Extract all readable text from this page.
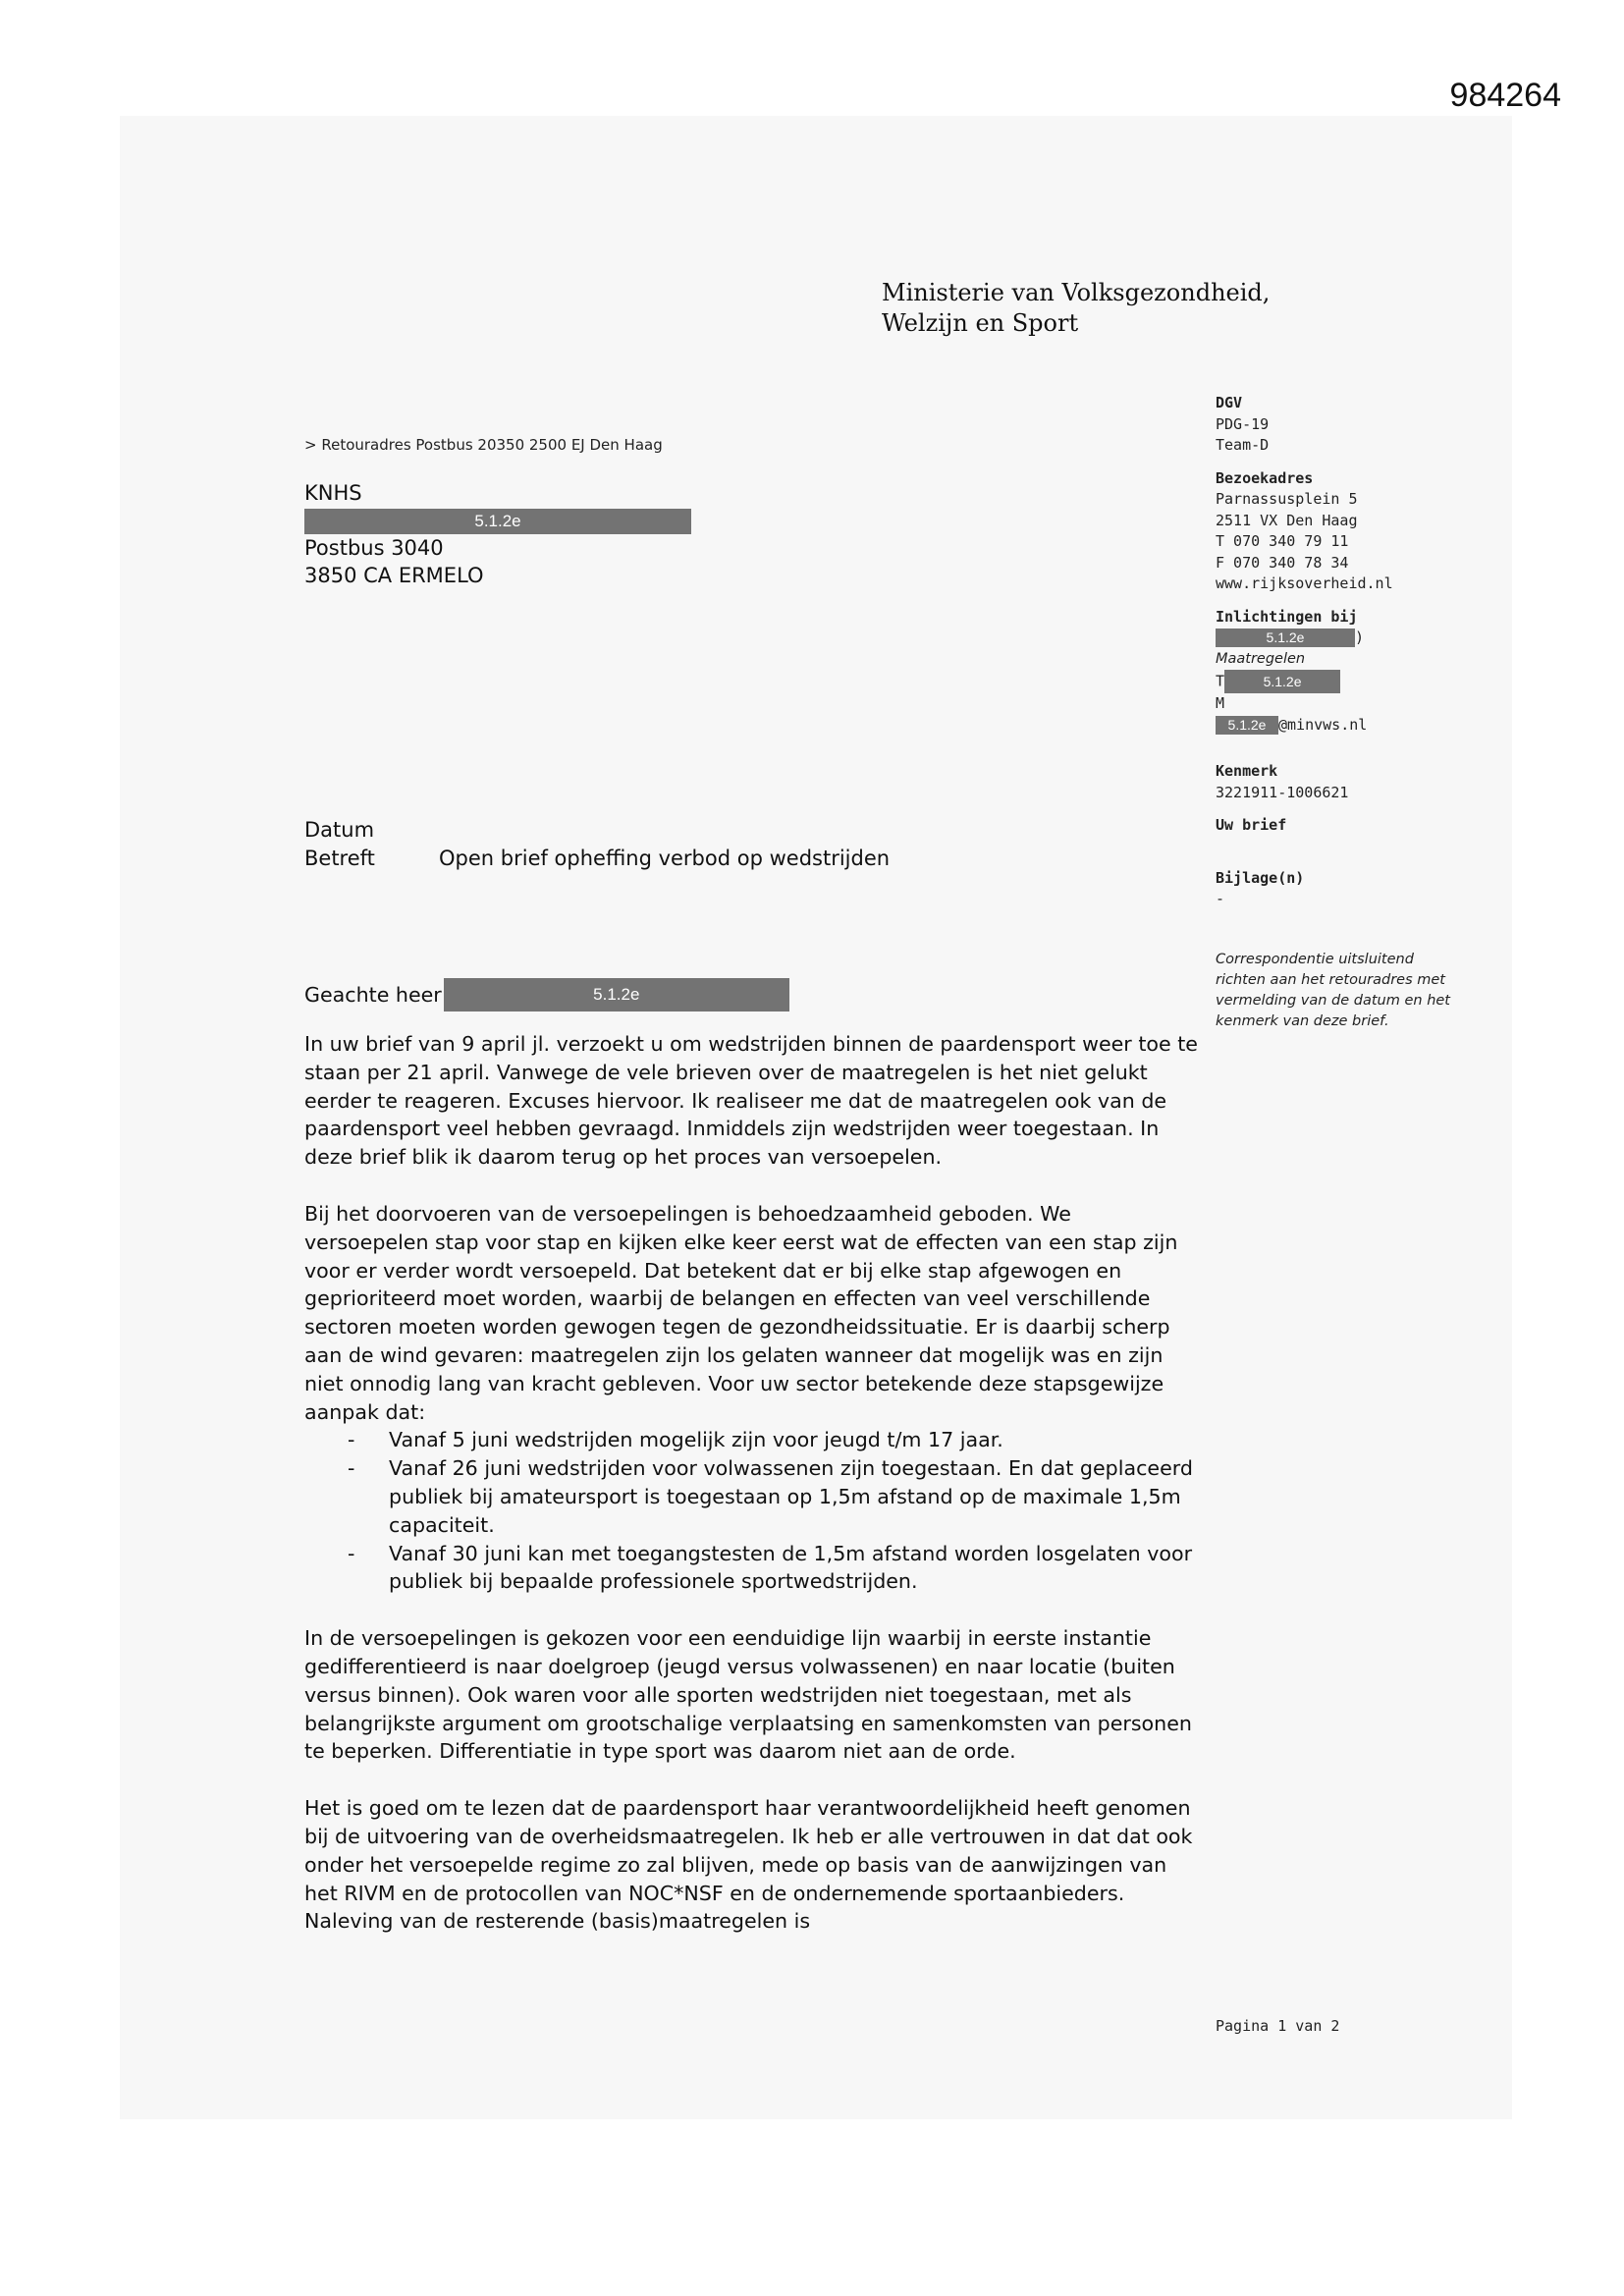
984264
Ministerie van Volksgezondheid,
Welzijn en Sport
> Retouradres Postbus 20350 2500 EJ Den Haag
KNHS
5.1.2e
Postbus 3040
3850 CA ERMELO
Datum
Betreft	Open brief opheffing verbod op wedstrijden
DGV
PDG-19
Team-D
Bezoekadres
Parnassusplein 5
2511 VX Den Haag
T 070 340 79 11
F 070 340 78 34
www.rijksoverheid.nl
Inlichtingen bij
5.1.2e	)
Maatregelen
T	5.1.2e
M
5.1.2e @minvws.nl
Kenmerk
3221911-1006621
Uw brief
Bijlage(n)
-
Correspondentie uitsluitend richten aan het retouradres met vermelding van de datum en het kenmerk van deze brief.
Geachte heer	5.1.2e

In uw brief van 9 april jl. verzoekt u om wedstrijden binnen de paardensport weer toe te staan per 21 april. Vanwege de vele brieven over de maatregelen is het niet gelukt eerder te reageren. Excuses hiervoor. Ik realiseer me dat de maatregelen ook van de paardensport veel hebben gevraagd. Inmiddels zijn wedstrijden weer toegestaan. In deze brief blik ik daarom terug op het proces van versoepelen.

Bij het doorvoeren van de versoepelingen is behoedzaamheid geboden. We versoepelen stap voor stap en kijken elke keer eerst wat de effecten van een stap zijn voor er verder wordt versoepeld. Dat betekent dat er bij elke stap afgewogen en geprioriteerd moet worden, waarbij de belangen en effecten van veel verschillende sectoren moeten worden gewogen tegen de gezondheidssituatie. Er is daarbij scherp aan de wind gevaren: maatregelen zijn los gelaten wanneer dat mogelijk was en zijn niet onnodig lang van kracht gebleven. Voor uw sector betekende deze stapsgewijze aanpak dat:

- Vanaf 5 juni wedstrijden mogelijk zijn voor jeugd t/m 17 jaar.
- Vanaf 26 juni wedstrijden voor volwassenen zijn toegestaan. En dat geplaceerd publiek bij amateursport is toegestaan op 1,5m afstand op de maximale 1,5m capaciteit.
- Vanaf 30 juni kan met toegangstesten de 1,5m afstand worden losgelaten voor publiek bij bepaalde professionele sportwedstrijden.

In de versoepelingen is gekozen voor een eenduidige lijn waarbij in eerste instantie gedifferentieerd is naar doelgroep (jeugd versus volwassenen) en naar locatie (buiten versus binnen). Ook waren voor alle sporten wedstrijden niet toegestaan, met als belangrijkste argument om grootschalige verplaatsing en samenkomsten van personen te beperken. Differentiatie in type sport was daarom niet aan de orde.

Het is goed om te lezen dat de paardensport haar verantwoordelijkheid heeft genomen bij de uitvoering van de overheidsmaatregelen. Ik heb er alle vertrouwen in dat dat ook onder het versoepelde regime zo zal blijven, mede op basis van de aanwijzingen van het RIVM en de protocollen van NOC*NSF en de ondernemende sportaanbieders. Naleving van de resterende (basis)maatregelen is

Pagina 1 van 2
